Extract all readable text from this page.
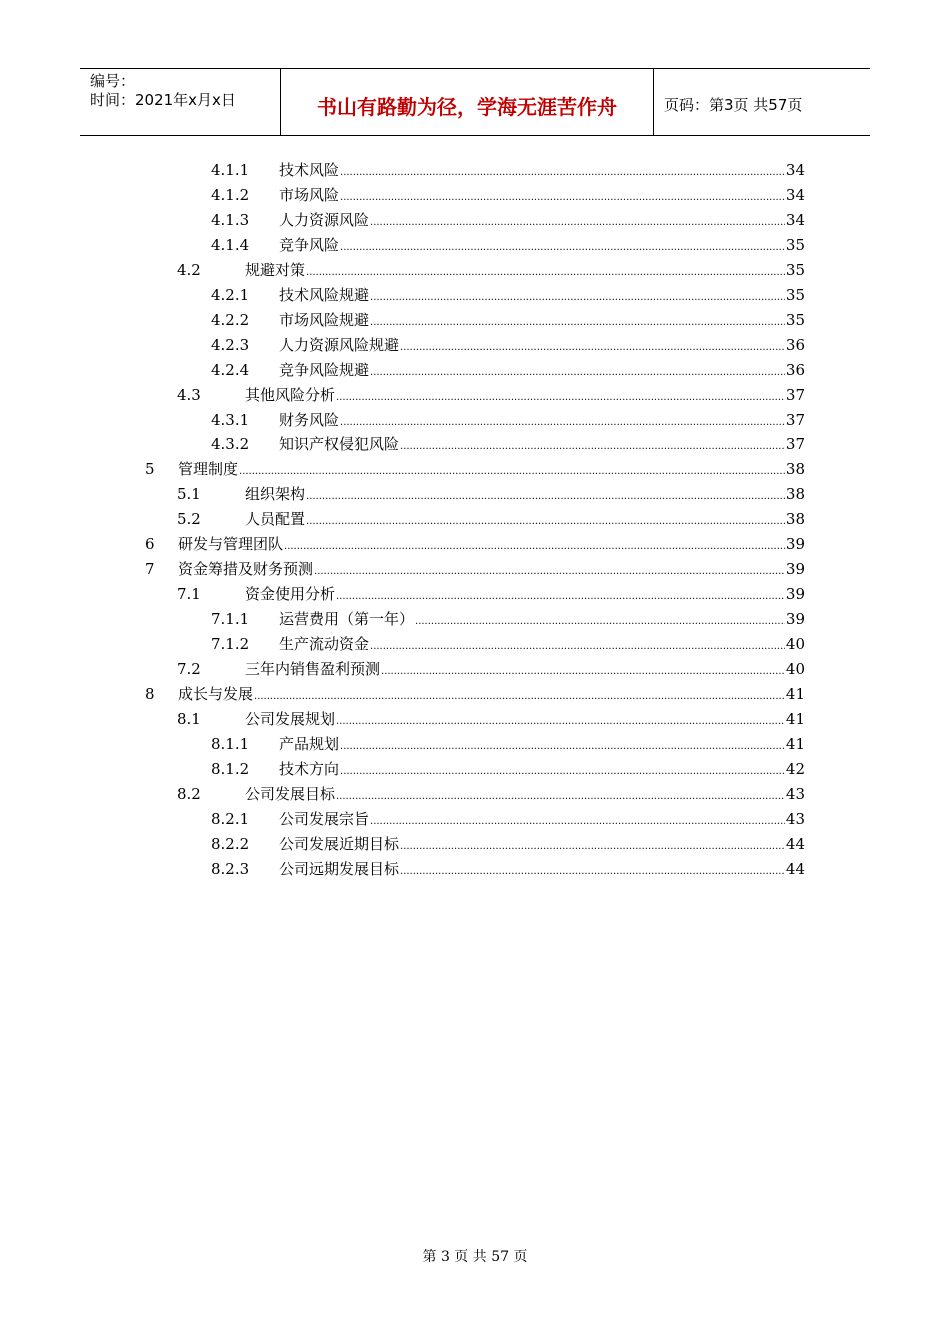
编号：
时间：2021年x月x日	书山有路勤为径，学海无涯苦作舟	页码：第3页 共57页
4.1.1 技术风险 .....	34
4.1.2 市场风险 .....	34
4.1.3 人力资源风险 .....	34
4.1.4 竞争风险 .....	35
4.2	规避对策 .....	35
4.2.1 技术风险规避 .....	35
4.2.2 市场风险规避 .....	35
4.2.3 人力资源风险规避 .....	36
4.2.4 竞争风险规避 .....	36
4.3	其他风险分析 .....	37
4.3.1 财务风险 .....	37
4.3.2 知识产权侵犯风险 .....	37
5 管理制度 .....	38
5.1	组织架构 .....	38
5.2	人员配置 .....	38
6 研发与管理团队 .....	39
7 资金筹措及财务预测 .....	39
7.1	资金使用分析 .....	39
7.1.1 运营费用（第一年） .....	39
7.1.2 生产流动资金 .....	40
7.2	三年内销售盈利预测 .....	40
8 成长与发展 .....	41
8.1	公司发展规划 .....	41
8.1.1 产品规划 .....	41
8.1.2 技术方向 .....	42
8.2	公司发展目标 .....	43
8.2.1 公司发展宗旨 .....	43
8.2.2 公司发展近期目标 .....	44
8.2.3 公司远期发展目标 .....	44
第 3 页 共 57 页
